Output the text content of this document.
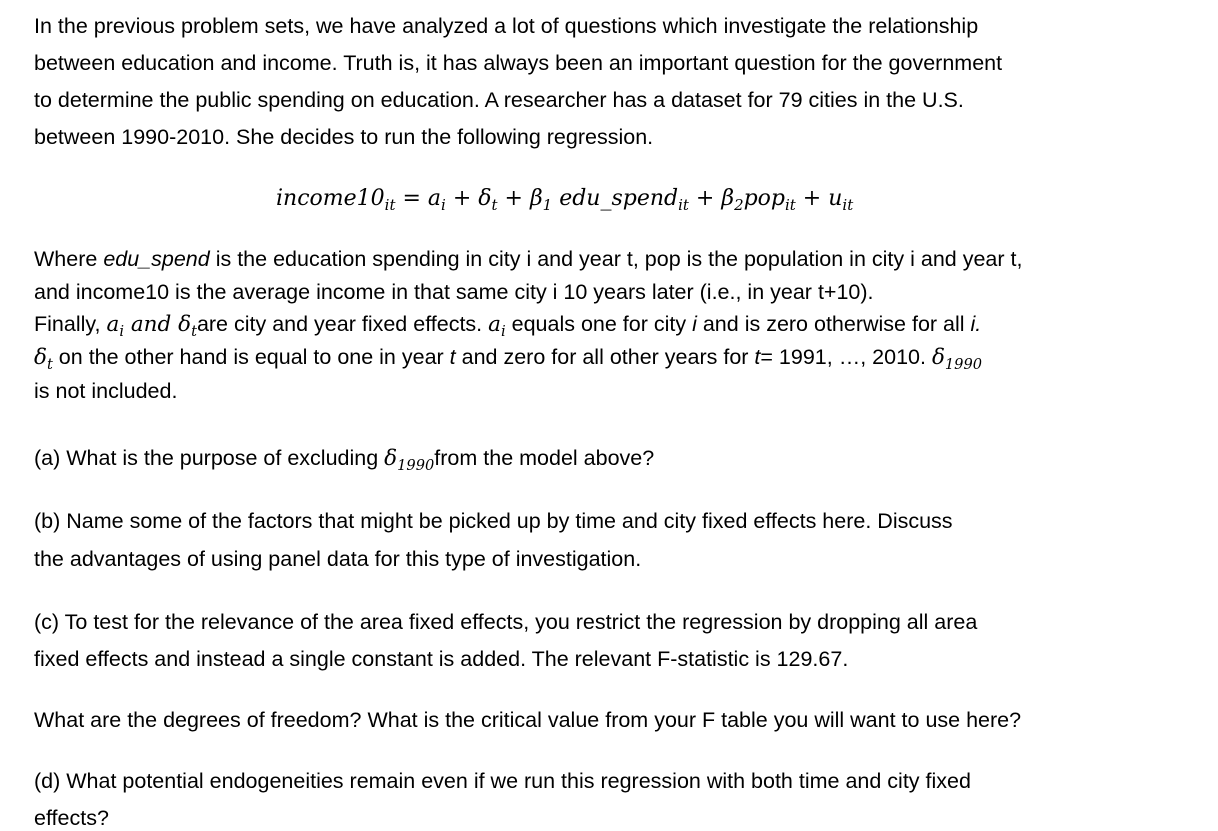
In the previous problem sets, we have analyzed a lot of questions which investigate the relationship
between education and income. Truth is, it has always been an important question for the government
to determine the public spending on education. A researcher has a dataset for 79 cities in the U.S.
between 1990-2010. She decides to run the following regression.
$income10_{it} = a_i + \delta_t + \beta_1$ edu_spend$_{it}$ + $\beta_2pop_{it} + u_{it}$
Where edu_spend is the education spending in city i and year t, pop is the population in city i and year t,
and income10 is the average income in that same city i 10 years later (i.e., in year t+10).
Finally, $a_i$ and $\delta_tare$ city and year fixed effects. $a_i$ equals one for city i and is zero otherwise for all i.
$\delta_t$ on the other hand is equal to one in year t and zero for all other years for t= 1991, …, 2010. $\delta_{1990}$
is not included.
(a) What is the purpose of excluding $\delta_{1990}from$ the model above?
(b) Name some of the factors that might be picked up by time and city fixed effects here. Discuss
the advantages of using panel data for this type of investigation.
(c) To test for the relevance of the area fixed effects, you restrict the regression by dropping all area
fixed effects and instead a single constant is added. The relevant F-statistic is 129.67.
What are the degrees of freedom? What is the critical value from your F table you will want to use here?
(d) What potential endogeneities remain even if we run this regression with both time and city fixed
effects?
